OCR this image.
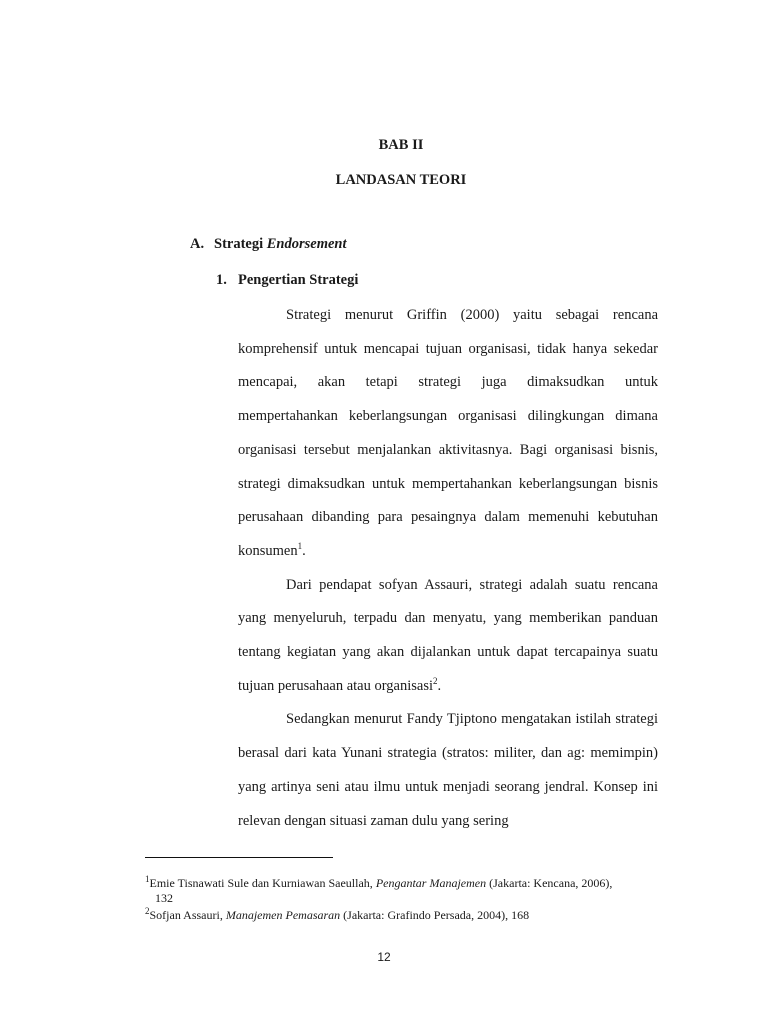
BAB II
LANDASAN TEORI
A. Strategi Endorsement
1. Pengertian Strategi

Strategi menurut Griffin (2000) yaitu sebagai rencana komprehensif untuk mencapai tujuan organisasi, tidak hanya sekedar mencapai, akan tetapi strategi juga dimaksudkan untuk mempertahankan keberlangsungan organisasi dilingkungan dimana organisasi tersebut menjalankan aktivitasnya. Bagi organisasi bisnis, strategi dimaksudkan untuk mempertahankan keberlangsungan bisnis perusahaan dibanding para pesaingnya dalam memenuhi kebutuhan konsumen$^1$.

Dari pendapat sofyan Assauri, strategi adalah suatu rencana yang menyeluruh, terpadu dan menyatu, yang memberikan panduan tentang kegiatan yang akan dijalankan untuk dapat tercapainya suatu tujuan perusahaan atau organisasi$^2$.

Sedangkan menurut Fandy Tjiptono mengatakan istilah strategi berasal dari kata Yunani strategia (stratos: militer, dan ag: memimpin) yang artinya seni atau ilmu untuk menjadi seorang jendral. Konsep ini relevan dengan situasi zaman dulu yang sering

$^1$Emie Tisnawati Sule dan Kurniawan Saeullah, Pengantar Manajemen (Jakarta: Kencana, 2006),
132
$^2$Sofjan Assauri, Manajemen Pemasaran (Jakarta: Grafindo Persada, 2004), 168
12
